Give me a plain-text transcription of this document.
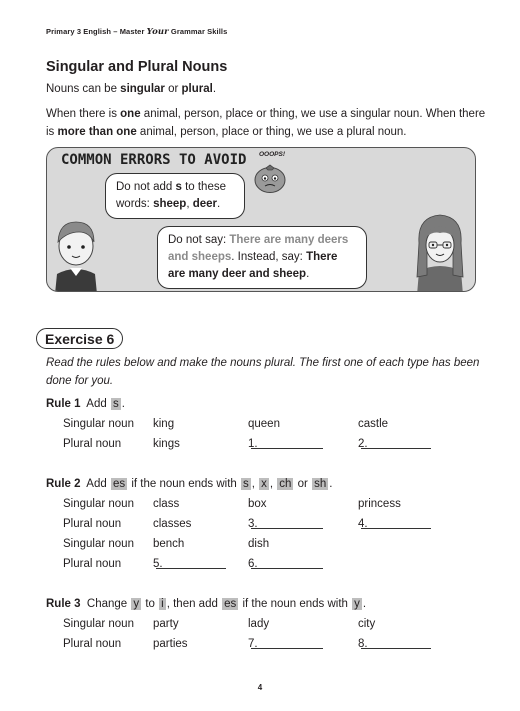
Primary 3 English – Master Your Grammar Skills
Singular and Plural Nouns
Nouns can be singular or plural.
When there is one animal, person, place or thing, we use a singular noun. When there is more than one animal, person, place or thing, we use a plural noun.
COMMON ERRORS TO AVOID OOOPS!
Do not add s to these words: sheep, deer.
Do not say: There are many deers and sheeps. Instead, say: There are many deer and sheep.
Exercise 6
Read the rules below and make the nouns plural. The first one of each type has been done for you.
Rule 1 Add s .
Singular noun king	queen	castle
Plural noun	kings	1.	2.
Rule 2 Add es if the noun ends with s , x , ch or sh .
Singular noun class	box	princess
Plural noun	classes	3.	4.
Singular noun bench	dish
Plural noun	5.	6.
Rule 3 Change y to i , then add es if the noun ends with y .
Singular noun party	lady	city
Plural noun	parties	7.	8.
4
